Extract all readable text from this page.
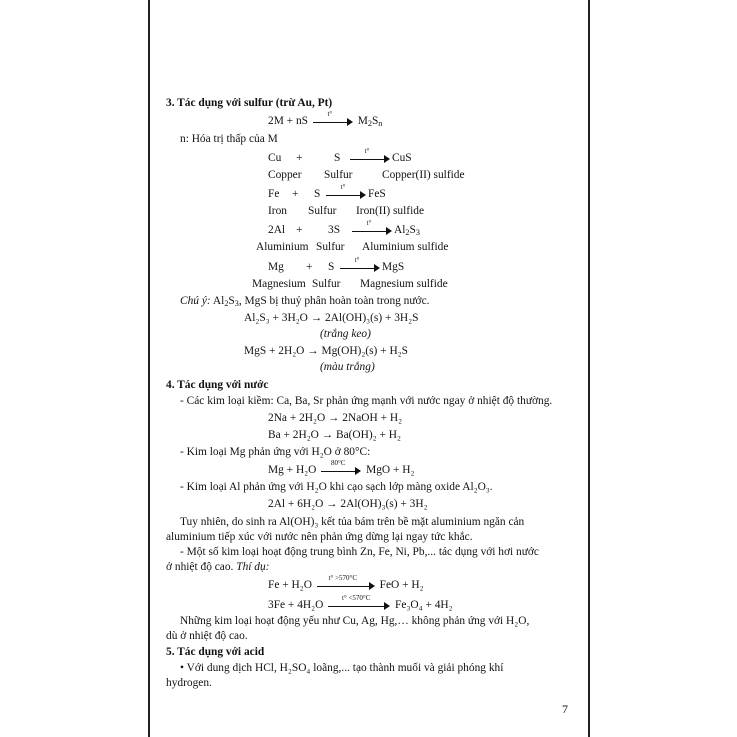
3. Tác dụng với sulfur (trừ Au, Pt)
2M + nS
t°
$M_2S_n$
n: Hóa trị thấp của M
Cu +	S
t°
CuS
Copper Sulfur	Copper(II) sulfide
Fe + S
t°
FeS
Iron Sulfur Iron(II) sulfide
2Al + 3S
t°
$Al_2S_3$
Aluminium Sulfur Aluminium sulfide
Mg + S
t°
MgS
Magnesium Sulfur Magnesium sulfide
Chú ý: $Al_2S_3$, MgS bị thuỷ phân hoàn toàn trong nước.
Al₂S₃ + 3H₂O → 2Al(OH)₃(s) + 3H₂S
(trắng keo)
MgS + 2H₂O → Mg(OH)₂(s) + H₂S
(màu trắng)
4. Tác dụng với nước
- Các kim loại kiềm: Ca, Ba, Sr phản ứng mạnh với nước ngay ở nhiệt độ thường.
2Na + 2H₂O → 2NaOH + H₂
Ba + 2H₂O → Ba(OH)₂ + H₂
- Kim loại Mg phản ứng với H₂O ở 80°C:
Mg + H₂O
80°C
MgO + H₂
- Kim loại Al phản ứng với H₂O khi cạo sạch lớp màng oxide Al₂O₃.
2Al + 6H₂O → 2Al(OH)₃(s) + 3H₂
Tuy nhiên, do sinh ra Al(OH)₃ kết tủa bám trên bề mặt aluminium ngăn cản
aluminium tiếp xúc với nước nên phản ứng dừng lại ngay tức khắc.
- Một số kim loại hoạt động trung bình Zn, Fe, Ni, Pb,... tác dụng với hơi nước
ở nhiệt độ cao. Thí dụ:
Fe + H₂O
t° >570°C
FeO + H₂
3Fe + 4H₂O
t° <570°C
Fe₃O₄ + 4H₂
Những kim loại hoạt động yếu như Cu, Ag, Hg,… không phản ứng với H₂O,
dù ở nhiệt độ cao.
5. Tác dụng với acid
• Với dung dịch HCl, H₂SO₄ loãng,... tạo thành muối và giải phóng khí
hydrogen.
7
